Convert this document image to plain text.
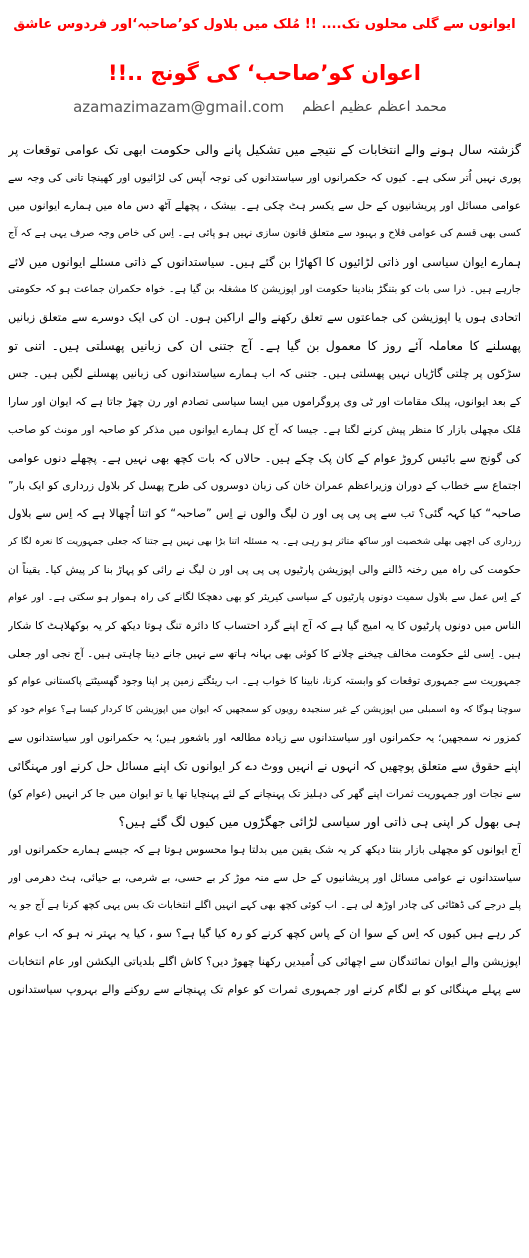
ایوانوں سے گلی محلوں تک.... !! مُلک میں بلاول کو’صاحبہ‘اور فردوس عاشق
اعوان کو’صاحب‘ کی گونج ..!!
azamazimazam@gmail.com محمد اعظم عظیم اعظم
گزشتہ سال ہونے والے انتخابات کے نتیجے میں تشکیل پانے والی حکومت ابھی تک عوامی توقعات پر
پوری نہیں اُتر سکی ہے۔ کیوں کہ حکمرانوں اور سیاستدانوں کی توجہ آپس کی لڑائیوں اور کھینچا تانی کی وجہ سے
عوامی مسائل اور پریشانیوں کے حل سے یکسر ہٹ چکی ہے۔ بیشک ، پچھلے آٹھ دس ماہ میں ہمارے ایوانوں میں
کسی بھی قسم کی عوامی فلاح و بہبود سے متعلق قانون سازی نہیں ہو پائی ہے۔ اِس کی خاص وجہ صرف یہی ہے کہ آج
ہمارے ایوان سیاسی اور ذاتی لڑائیوں کا اکھاڑا بن گئے ہیں۔ سیاستدانوں کے ذاتی مسئلے ایوانوں میں لائے
جارہے ہیں۔ ذرا سی بات کو بتنگڑ بنادینا حکومت اور اپوزیشن کا مشغلہ بن گیا ہے۔ خواہ حکمران جماعت ہو کہ حکومتی
اتحادی ہوں یا اپوزیشن کی جماعتوں سے تعلق رکھنے والے اراکین ہوں۔ ان کی ایک دوسرے سے متعلق زبانیں
پھسلنے کا معاملہ آئے روز کا معمول بن گیا ہے۔ آج جتنی ان کی زبانیں پھسلتی ہیں۔ اتنی تو
سڑکوں پر چلتی گاڑیاں نہیں پھسلتی ہیں۔ جتنی کہ اب ہمارے سیاستدانوں کی زبانیں پھسلنے لگیں ہیں۔ جس
کے بعد ایوانوں، پبلک مقامات اور ٹی وی پروگراموں میں ایسا سیاسی تصادم اور رن چھڑ جاتا ہے کہ ایوان اور سارا
مُلک مچھلی بازار کا منظر پیش کرنے لگتا ہے۔ جیسا کہ آج کل ہمارے ایوانوں میں مذکر کو صاحبہ اور مونث کو صاحب
کی گونج سے بائیس کروڑ عوام کے کان پک چکے ہیں۔ حالاں کہ بات کچھ بھی نہیں ہے۔ پچھلے دنوں عوامی
اجتماع سے خطاب کے دوران وزیراعظم عمران خان کی زبان دوسروں کی طرح پھسل کر بلاول زرداری کو ایک بار”
صاحبہ“ کیا کہہ گئی؟ تب سے پی پی پی اور ن لیگ والوں نے اِس ”صاحبہ“ کو اتنا اُچھالا ہے کہ اِس سے بلاول
زرداری کی اچھی بھلی شخصیت اور ساکھ متاثر ہو رہی ہے۔ یہ مسئلہ اتنا بڑا بھی نہیں ہے جتنا کہ جعلی جمہوریت کا نعرہ لگا کر
حکومت کی راہ میں رخنہ ڈالنے والی اپوزیشن پارٹیوں پی پی پی اور ن لیگ نے رائی کو پہاڑ بنا کر پیش کیا۔ یقیناً ان
کے اِس عمل سے بلاول سمیت دونوں پارٹیوں کے سیاسی کیریئر کو بھی دھچکا لگانے کی راہ ہموار ہو سکتی ہے۔ اور عوام
الناس میں دونوں پارٹیوں کا یہ امیج گیا ہے کہ آج اپنے گرد احتساب کا دائرہ تنگ ہوتا دیکھ کر یہ بوکھلاہٹ کا شکار
ہیں۔ اِسی لئے حکومت مخالف چیخنے چلانے کا کوئی بھی بہانہ ہاتھ سے نہیں جانے دینا چاہتی ہیں۔ آج نجی اور جعلی
جمہوریت سے جمہوری توقعات کو وابستہ کرنا، نابینا کا خواب ہے۔ اب ریئگتے زمین پر اپنا وجود گھسیٹتے پاکستانی عوام کو
سوچنا ہوگا کہ وہ اسمبلی میں اپوزیشن کے غیر سنجیدہ رویوں کو سمجھیں کہ ایوان میں اپوزیشن کا کردار کیسا ہے؟ عوام خود کو
کمزور نہ سمجھیں؛ یہ حکمرانوں اور سیاستدانوں سے زیادہ مطالعہ اور باشعور ہیں؛ یہ حکمرانوں اور سیاستدانوں سے
اپنے حقوق سے متعلق پوچھیں کہ انہوں نے انہیں ووٹ دے کر ایوانوں تک اپنے مسائل حل کرنے اور مہنگائی
سے نجات اور جمہوریت ثمرات اپنے گھر کی دہلیز تک پہنچانے کے لئے پہنچایا تھا یا تو ایوان میں جا کر انہیں (عوام کو)
ہی بھول کر اپنی ہی ذاتی اور سیاسی لڑائی جھگڑوں میں کیوں لگ گئے ہیں؟
آج ایوانوں کو مچھلی بازار بنتا دیکھ کر یہ شک یقین میں بدلتا ہوا محسوس ہوتا ہے کہ جیسے ہمارے حکمرانوں اور
سیاستدانوں نے عوامی مسائل اور پریشانیوں کے حل سے منہ موڑ کر بے حسی، بے شرمی، بے حیائی، ہٹ دھرمی اور
پلے درجے کی ڈھٹائی کی چادر اوڑھ لی ہے۔ اب کوئی کچھ بھی کہے انہیں اگلے انتخابات تک بس یہی کچھ کرنا ہے آج جو یہ
کر رہے ہیں کیوں کہ اِس کے سوا ان کے پاس کچھ کرنے کو رہ کیا گیا ہے؟ سو ، کیا یہ بہتر نہ ہو کہ اب عوام
اپوزیشن والے ایوان نمائندگان سے اچھائی کی اُمیدیں رکھنا چھوڑ دیں؟ کاش اگلے بلدیاتی الیکشن اور عام انتخابات
سے پہلے مہنگائی کو بے لگام کرنے اور جمہوری ثمرات کو عوام تک پہنچانے سے روکنے والے بہروپ سیاستدانوں
